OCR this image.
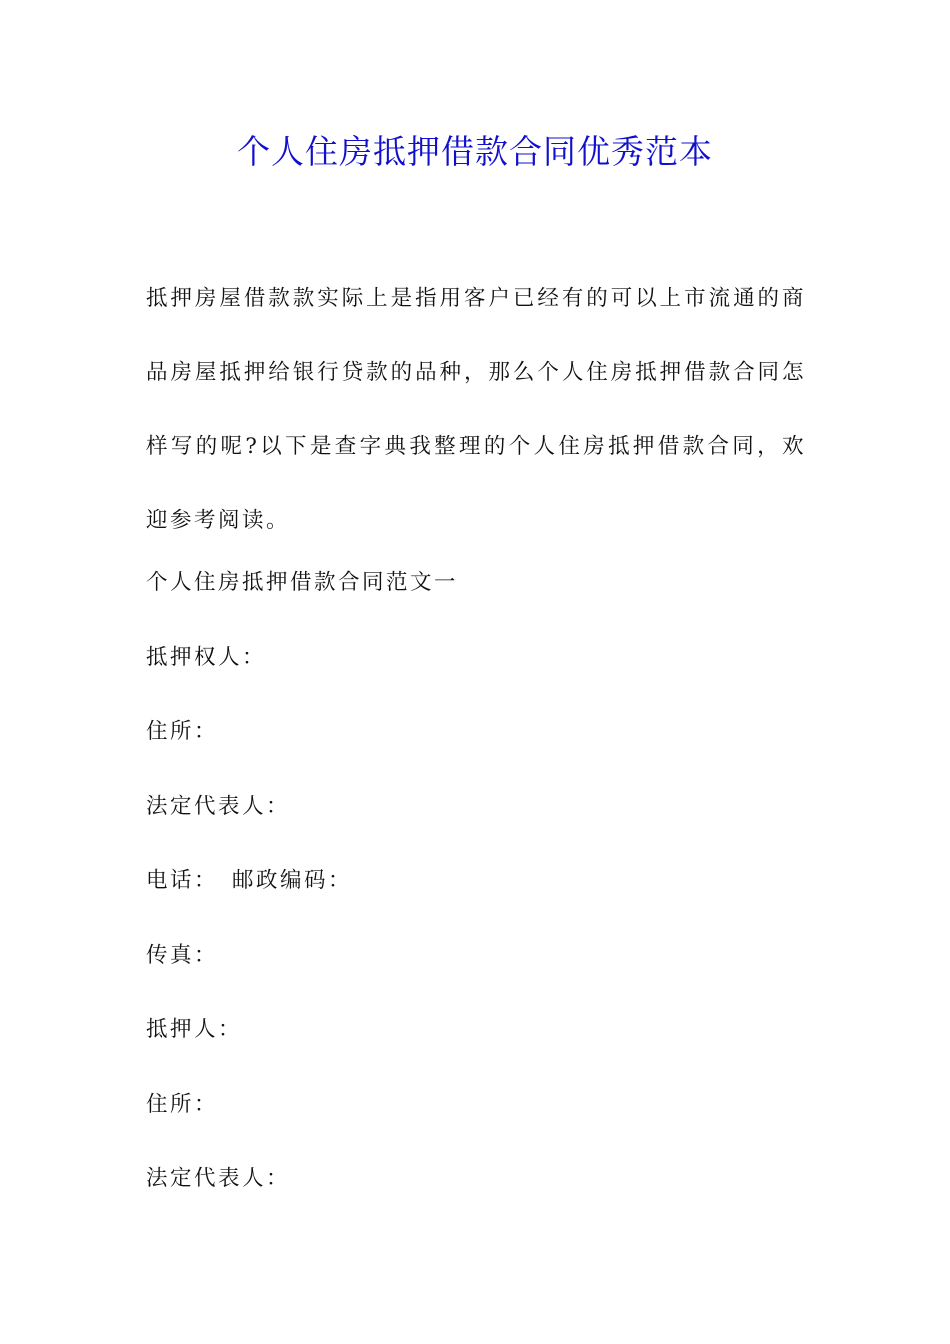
个人住房抵押借款合同优秀范本

抵押房屋借款款实际上是指用客户已经有的可以上市流通的商品房屋抵押给银行贷款的品种，那么个人住房抵押借款合同怎样写的呢?以下是查字典我整理的个人住房抵押借款合同，欢迎参考阅读。

个人住房抵押借款合同范文一

抵押权人：

住所：

法定代表人：

电话： 邮政编码：

传真：

抵押人：

住所：

法定代表人：
